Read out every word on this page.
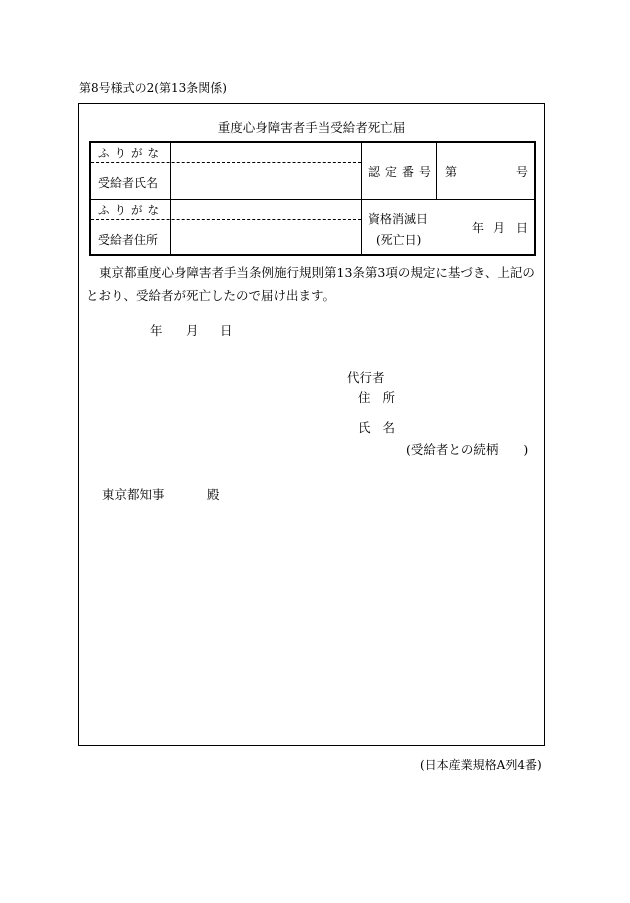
第8号様式の2(第13条関係)
重度心身障害者手当受給者死亡届
ふりがな
受給者氏名
認定番号 第	号
ふりがな
受給者住所
資格消滅日
(死亡日)
年 月 日
東京都重度心身障害者手当条例施行規則第13条第3項の規定に基づき、上記のとおり、受給者が死亡したので届け出ます。
年 月 日
代行者
住 所
氏 名
(受給者との続柄　　)
東京都知事	殿
(日本産業規格A列4番)
